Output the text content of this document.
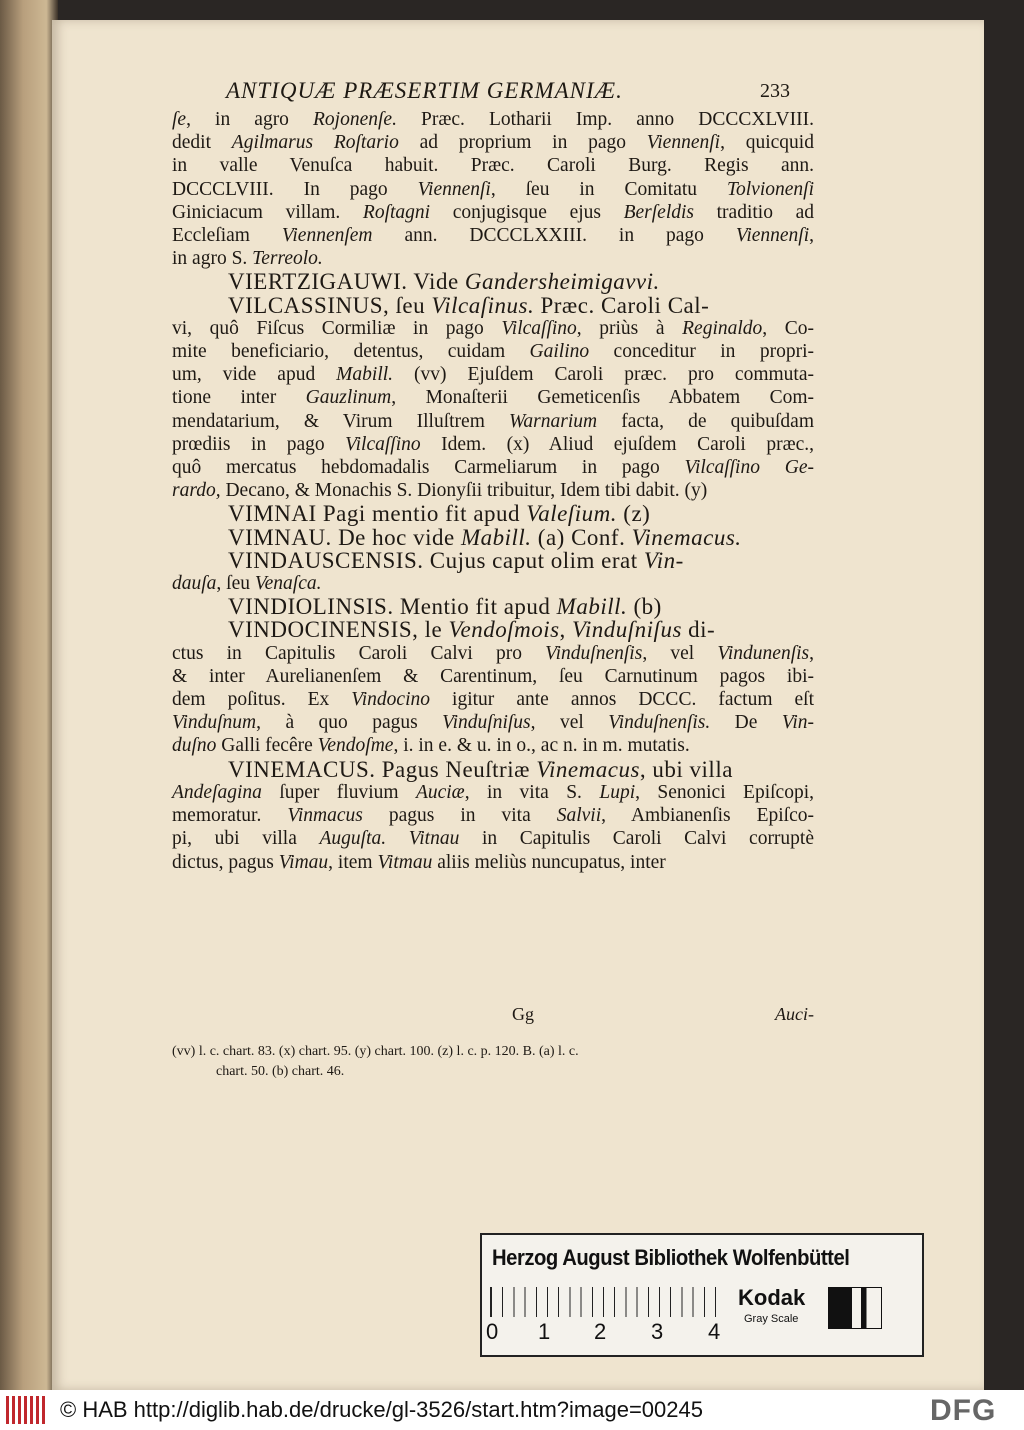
ANTIQUÆ PRÆSERTIM GERMANIÆ.	233
ſe, in agro Rojonenſe. Præc. Lotharii Imp. anno DCCCXLVIII.
dedit Agilmarus Roſtario ad proprium in pago Viennenſi, quicquid
in valle Venuſca habuit. Præc. Caroli Burg. Regis ann.
DCCCLVIII. In pago Viennenſi, ſeu in Comitatu Tolvionenſi
Giniciacum villam. Roſtagni conjugisque ejus Berſeldis traditio ad
Eccleſiam Viennenſem ann. DCCCLXXIII. in pago Viennenſi,
in agro S. Terreolo.
VIERTZIGAUWI. Vide Gandersheimigavvi.
VILCASSINUS, ſeu Vilcaſinus. Præc. Caroli Cal-
vi, quô Fiſcus Cormiliæ in pago Vilcaſſino, priùs à Reginaldo, Co-
mite beneficiario, detentus, cuidam Gailino conceditur in propri-
um, vide apud Mabill. (vv) Ejuſdem Caroli præc. pro commuta-
tione inter Gauzlinum, Monaſterii Gemeticenſis Abbatem Com-
mendatarium, & Virum Illuſtrem Warnarium facta, de quibuſdam
prœdiis in pago Vilcaſſino Idem. (x) Aliud ejuſdem Caroli præc.,
quô mercatus hebdomadalis Carmeliarum in pago Vilcaſſino Ge-
rardo, Decano, & Monachis S. Dionyſii tribuitur, Idem tibi dabit. (y)
VIMNAI Pagi mentio fit apud Valeſium. (z)
VIMNAU. De hoc vide Mabill. (a) Conf. Vinemacus.
VINDAUSCENSIS. Cujus caput olim erat Vin-
dauſa, ſeu Venaſca.
VINDIOLINSIS. Mentio fit apud Mabill. (b)
VINDOCINENSIS, le Vendoſmois, Vinduſniſus di-
ctus in Capitulis Caroli Calvi pro Vinduſnenſis, vel Vindunenſis,
& inter Aurelianenſem & Carentinum, ſeu Carnutinum pagos ibi-
dem poſitus. Ex Vindocino igitur ante annos DCCC. factum eſt
Vinduſnum, à quo pagus Vinduſniſus, vel Vinduſnenſis. De Vin-
duſno Galli fecêre Vendoſme, i. in e. & u. in o., ac n. in m. mutatis.
VINEMACUS. Pagus Neuſtriæ Vinemacus, ubi villa
Andeſagina ſuper fluvium Auciæ, in vita S. Lupi, Senonici Epiſcopi,
memoratur. Vinmacus pagus in vita Salvii, Ambianenſis Epiſco-
pi, ubi villa Auguſta. Vitnau in Capitulis Caroli Calvi corruptè
dictus, pagus Vimau, item Vitmau aliis meliùs nuncupatus, inter
Gg	Auci-
(vv) l. c. chart. 83. (x) chart. 95. (y) chart. 100. (z) l. c. p. 120. B. (a) l. c.
chart. 50. (b) chart. 46.
Herzog August Bibliothek Wolfenbüttel
0 1 2 3 4
Kodak
Gray Scale
© HAB http://diglib.hab.de/drucke/gl-3526/start.htm?image=00245	DFG
